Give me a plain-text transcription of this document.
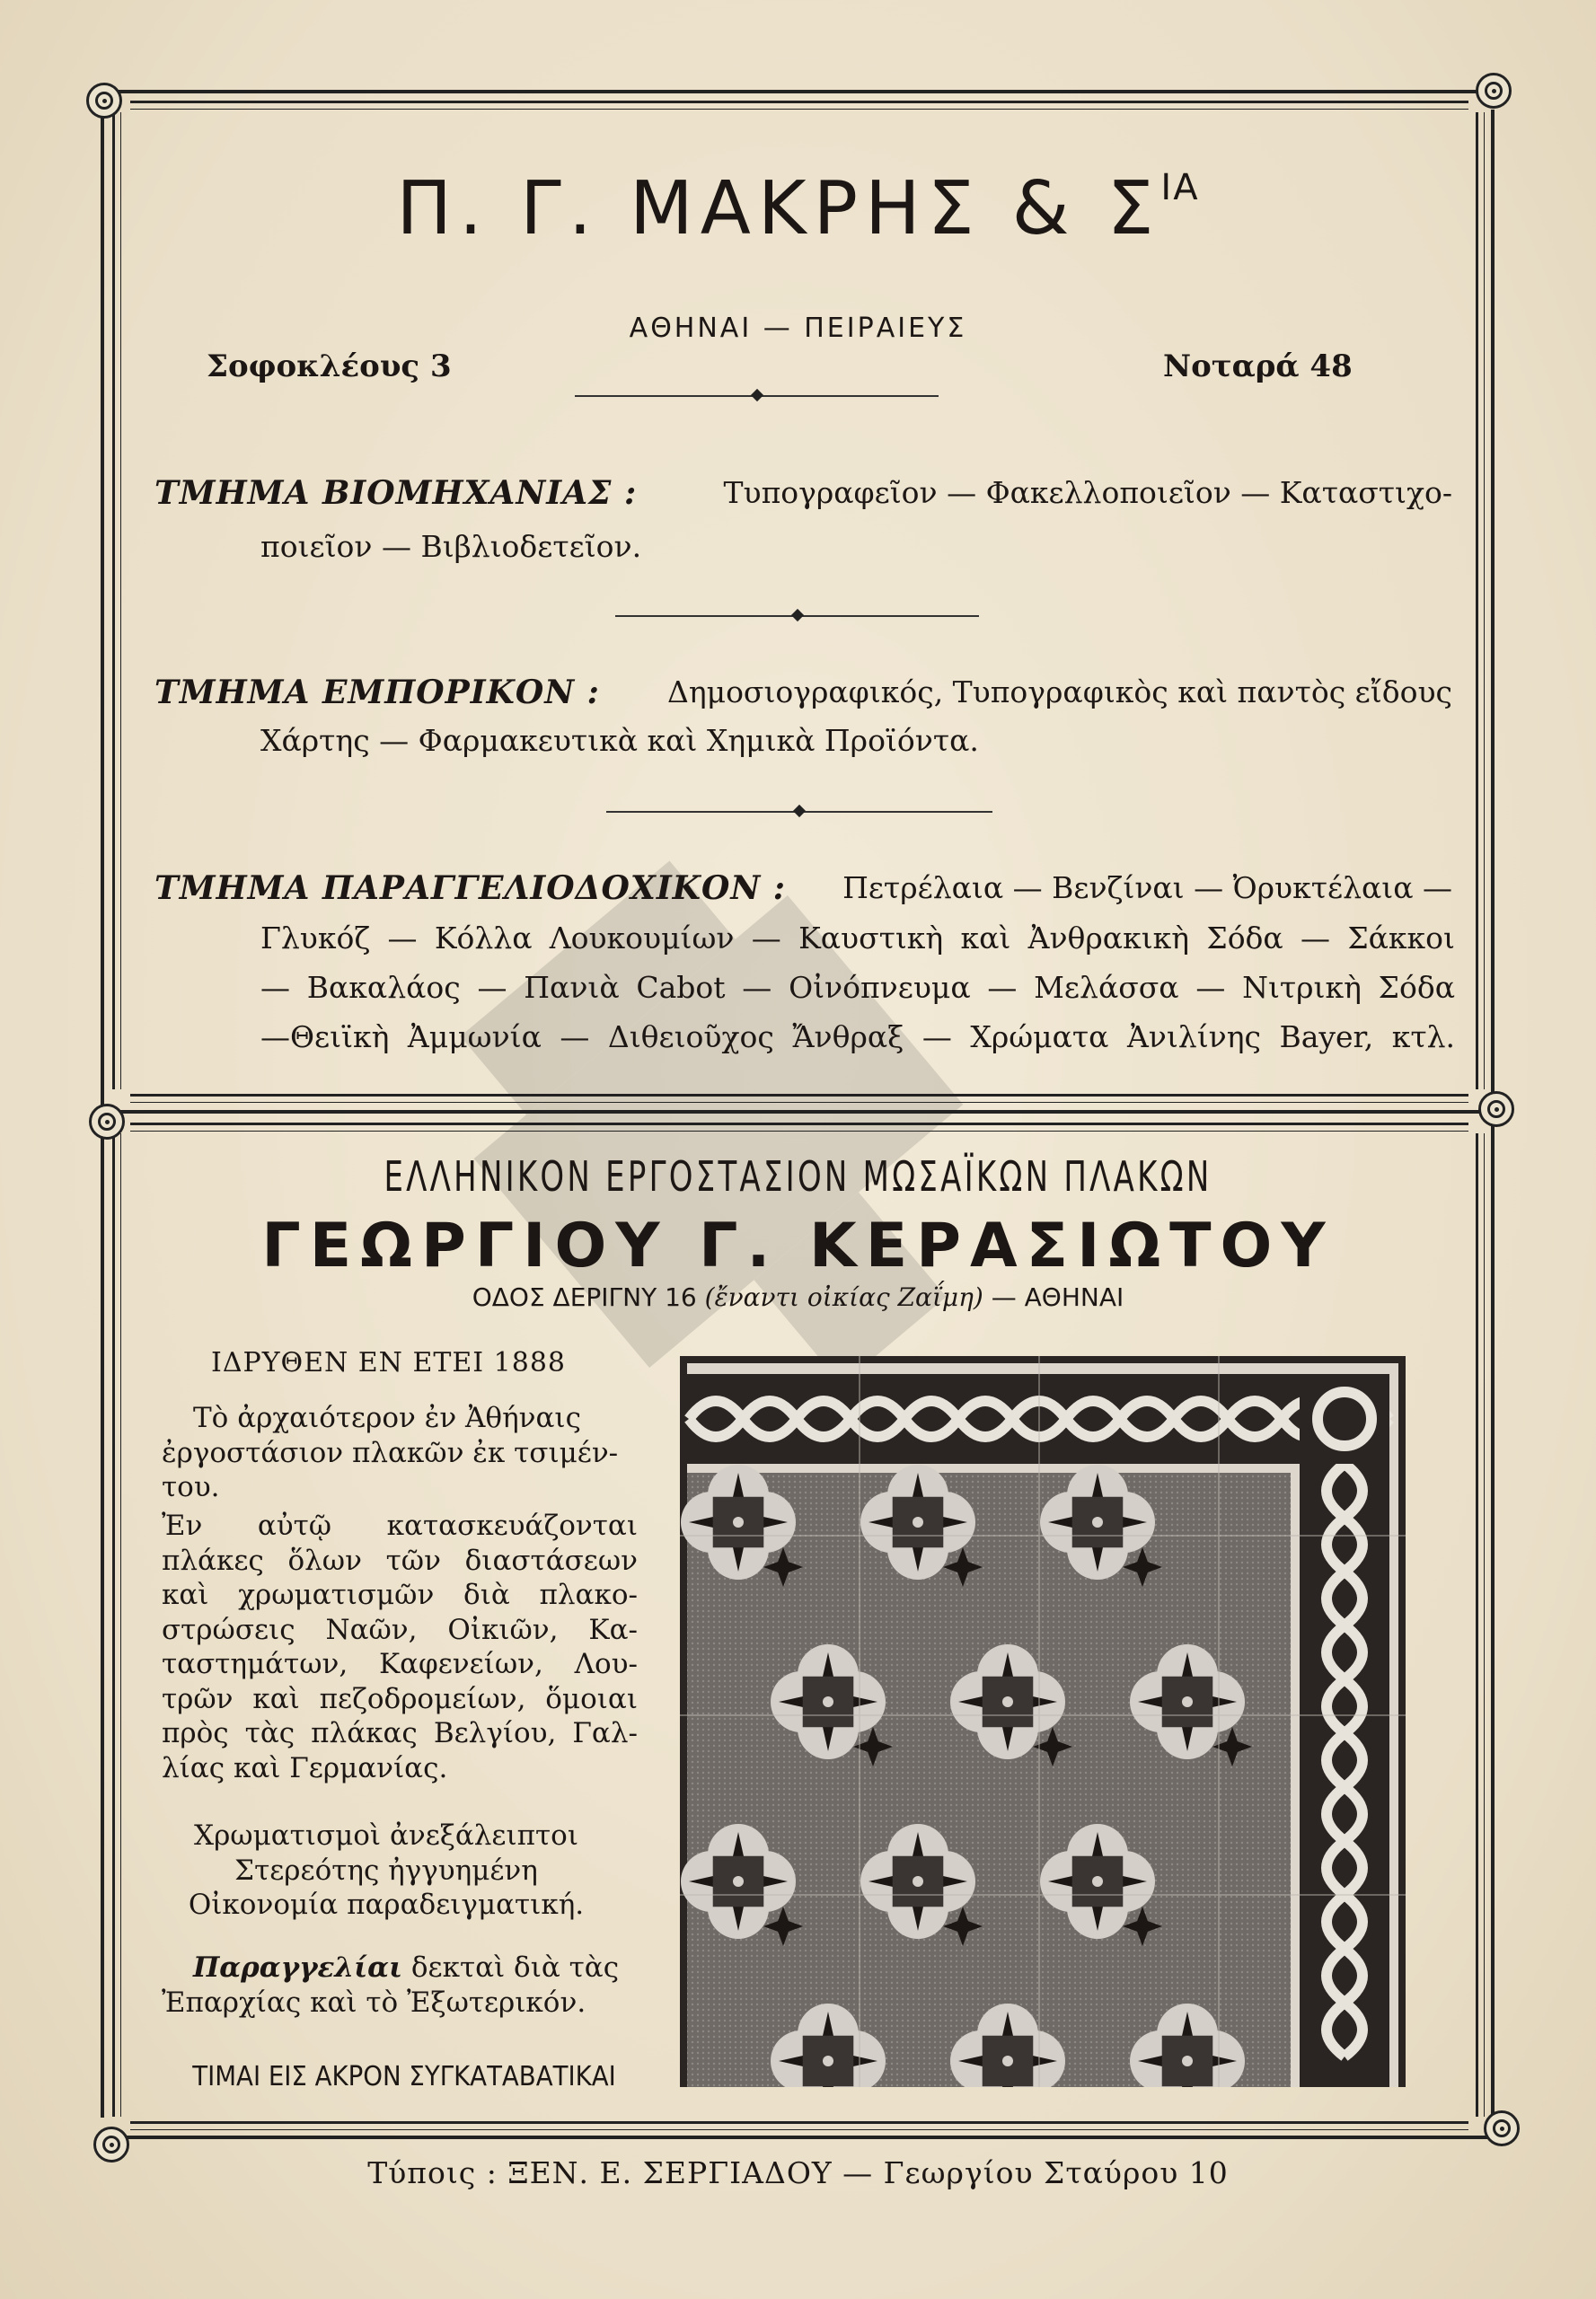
Π. Γ. ΜΑΚΡΗΣ & $\Sigma^{IA}$
ΑΘΗΝΑΙ — ΠΕΙΡΑΙΕΥΣ
Σοφοκλέους 3	Νοταρά 48
ΤΜΗΜΑ ΒΙΟΜΗΧΑΝΙΑΣ :	Τυπογραφεῖον — Φακελλοποιεῖον — Καταστιχο-
ποιεῖον — Βιβλιοδετεῖον.
ΤΜΗΜΑ ΕΜΠΟΡΙΚΟΝ : Δημοσιογραφικός, Τυπογραφικὸς καὶ παντὸς εἴδους
Χάρτης — Φαρμακευτικὰ καὶ Χημικὰ Προϊόντα.
ΤΜΗΜΑ ΠΑΡΑΓΓΕΛΙΟΔΟΧΙΚΟΝ : Πετρέλαια — Βενζίναι — Ὀρυκτέλαια —
Γλυκόζ — Κόλλα Λουκουμίων — Καυστικὴ καὶ Ἀνθρακικὴ Σόδα — Σάκκοι
— Βακαλάος — Πανιὰ Cabot — Οἰνόπνευμα — Μελάσσα — Νιτρικὴ Σόδα
—Θειϊκὴ Ἀμμωνία — Διθειοῦχος Ἄνθραξ — Χρώματα Ἀνιλίνης Bayer, κτλ.
ΕΛΛΗΝΙΚΟΝ ΕΡΓΟΣΤΑΣΙΟΝ ΜΩΣΑΪΚΩΝ ΠΛΑΚΩΝ
ΓΕΩΡΓΙΟΥ Γ. ΚΕΡΑΣΙΩΤΟΥ
ΟΔΟΣ ΔΕΡΙΓΝΥ 16 (ἔναντι οἰκίας Ζαΐμη) — ΑΘΗΝΑΙ
ΙΔΡΥΘΕΝ ΕΝ ΕΤΕΙ 1888
Τὸ ἀρχαιότερον ἐν Ἀθήναις
ἐργοστάσιον πλακῶν ἐκ τσιμέν-
του.
Ἐν αὐτῷ κατασκευάζονται
πλάκες ὅλων τῶν διαστάσεων
καὶ χρωματισμῶν διὰ πλακο-
στρώσεις Ναῶν, Οἰκιῶν, Κα-
ταστημάτων, Καφενείων, Λου-
τρῶν καὶ πεζοδρομείων, ὅμοιαι
πρὸς τὰς πλάκας Βελγίου, Γαλ-
λίας καὶ Γερμανίας.
Χρωματισμοὶ ἀνεξάλειπτοι
Στερεότης ἠγγυημένη
Οἰκονομία παραδειγματική.
Παραγγελίαι δεκταὶ διὰ τὰς
Ἐπαρχίας καὶ τὸ Ἐξωτερικόν.
ΤΙΜΑΙ ΕΙΣ ΑΚΡΟΝ ΣΥΓΚΑΤΑΒΑΤΙΚΑΙ
Τύποις : ΞΕΝ. Ε. ΣΕΡΓΙΑΔΟΥ — Γεωργίου Σταύρου 10
